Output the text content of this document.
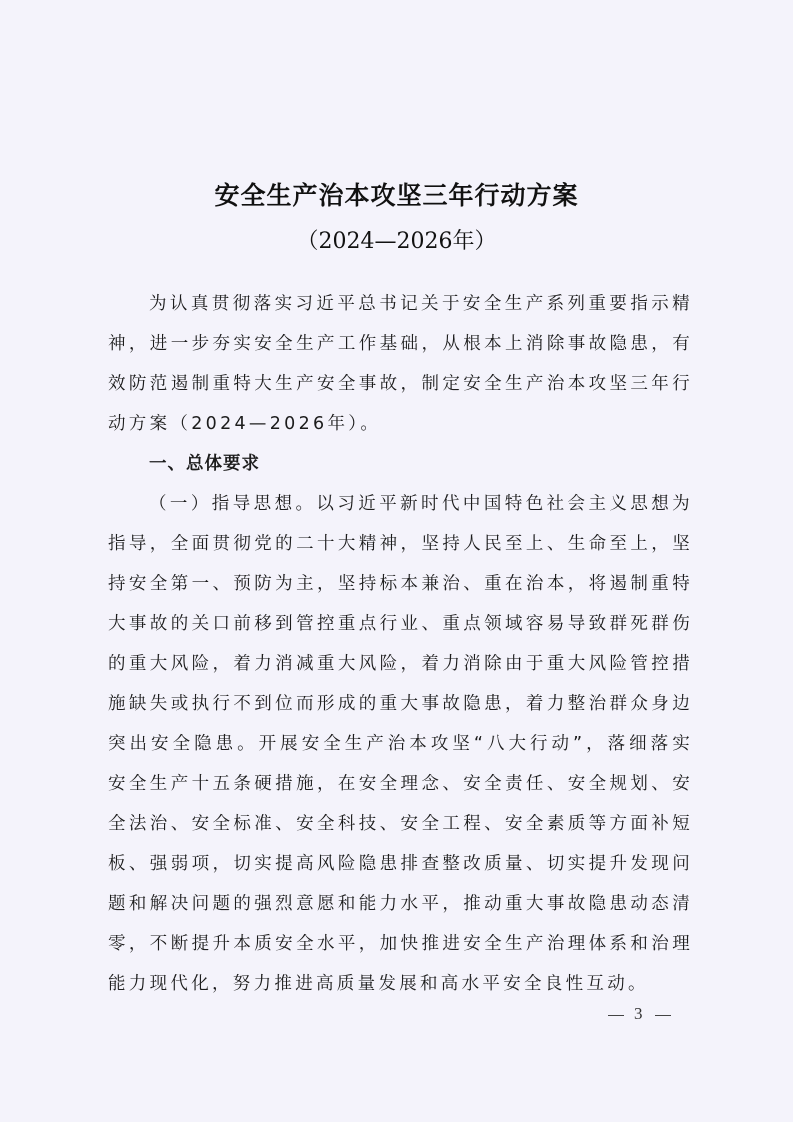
安全生产治本攻坚三年行动方案
（2024—2026年）

为认真贯彻落实习近平总书记关于安全生产系列重要指示精神，进一步夯实安全生产工作基础，从根本上消除事故隐患，有效防范遏制重特大生产安全事故，制定安全生产治本攻坚三年行动方案（2024—2026年）。

一、总体要求

（一）指导思想。以习近平新时代中国特色社会主义思想为指导，全面贯彻党的二十大精神，坚持人民至上、生命至上，坚持安全第一、预防为主，坚持标本兼治、重在治本，将遏制重特大事故的关口前移到管控重点行业、重点领域容易导致群死群伤的重大风险，着力消减重大风险，着力消除由于重大风险管控措施缺失或执行不到位而形成的重大事故隐患，着力整治群众身边突出安全隐患。开展安全生产治本攻坚“八大行动”，落细落实安全生产十五条硬措施，在安全理念、安全责任、安全规划、安全法治、安全标准、安全科技、安全工程、安全素质等方面补短板、强弱项，切实提高风险隐患排查整改质量、切实提升发现问题和解决问题的强烈意愿和能力水平，推动重大事故隐患动态清零，不断提升本质安全水平，加快推进安全生产治理体系和治理能力现代化，努力推进高质量发展和高水平安全良性互动。

3
